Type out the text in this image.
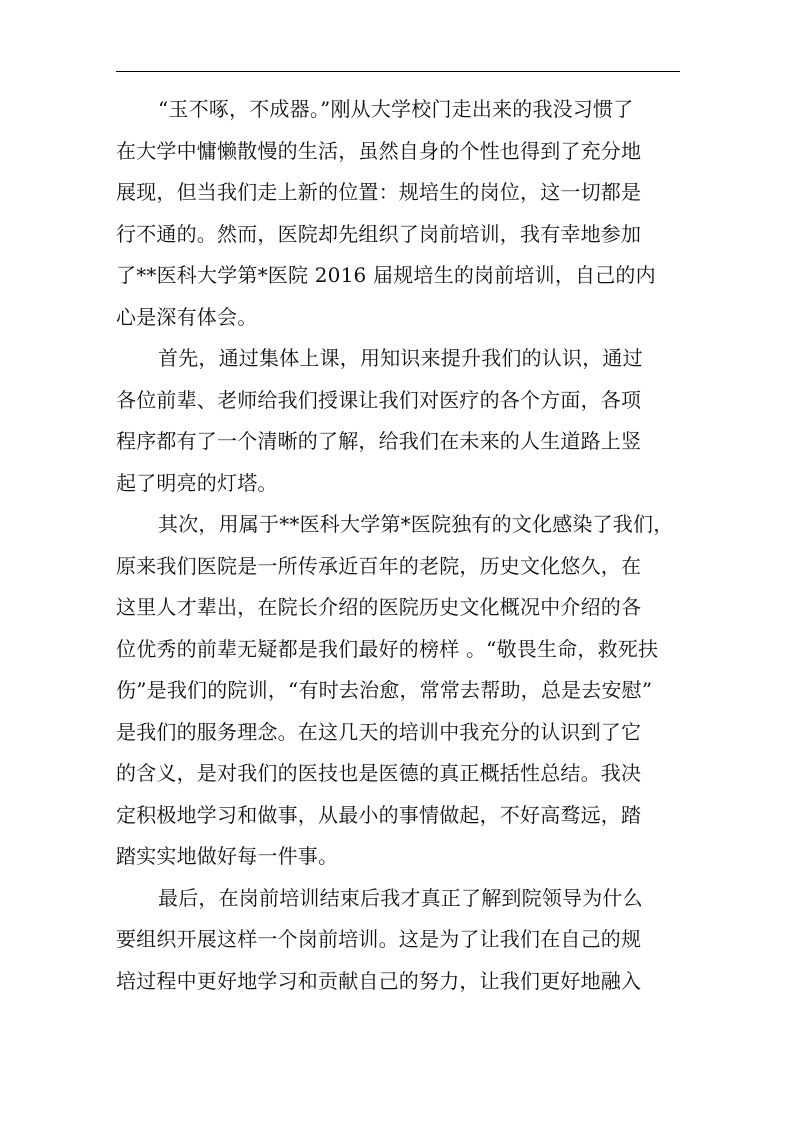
“玉不啄，不成器。”刚从大学校门走出来的我没习惯了
在大学中慵懒散慢的生活，虽然自身的个性也得到了充分地
展现，但当我们走上新的位置：规培生的岗位，这一切都是
行不通的。然而，医院却先组织了岗前培训，我有幸地参加
了**医科大学第*医院 2016 届规培生的岗前培训，自己的内
心是深有体会。
首先，通过集体上课，用知识来提升我们的认识，通过
各位前辈、老师给我们授课让我们对医疗的各个方面，各项
程序都有了一个清晰的了解，给我们在未来的人生道路上竖
起了明亮的灯塔。
其次，用属于**医科大学第*医院独有的文化感染了我们，
原来我们医院是一所传承近百年的老院，历史文化悠久，在
这里人才辈出，在院长介绍的医院历史文化概况中介绍的各
位优秀的前辈无疑都是我们最好的榜样 。“敬畏生命，救死扶
伤”是我们的院训，“有时去治愈，常常去帮助，总是去安慰”
是我们的服务理念。在这几天的培训中我充分的认识到了它
的含义，是对我们的医技也是医德的真正概括性总结。我决
定积极地学习和做事，从最小的事情做起，不好高骛远，踏
踏实实地做好每一件事。
最后，在岗前培训结束后我才真正了解到院领导为什么
要组织开展这样一个岗前培训。这是为了让我们在自己的规
培过程中更好地学习和贡献自己的努力，让我们更好地融入
